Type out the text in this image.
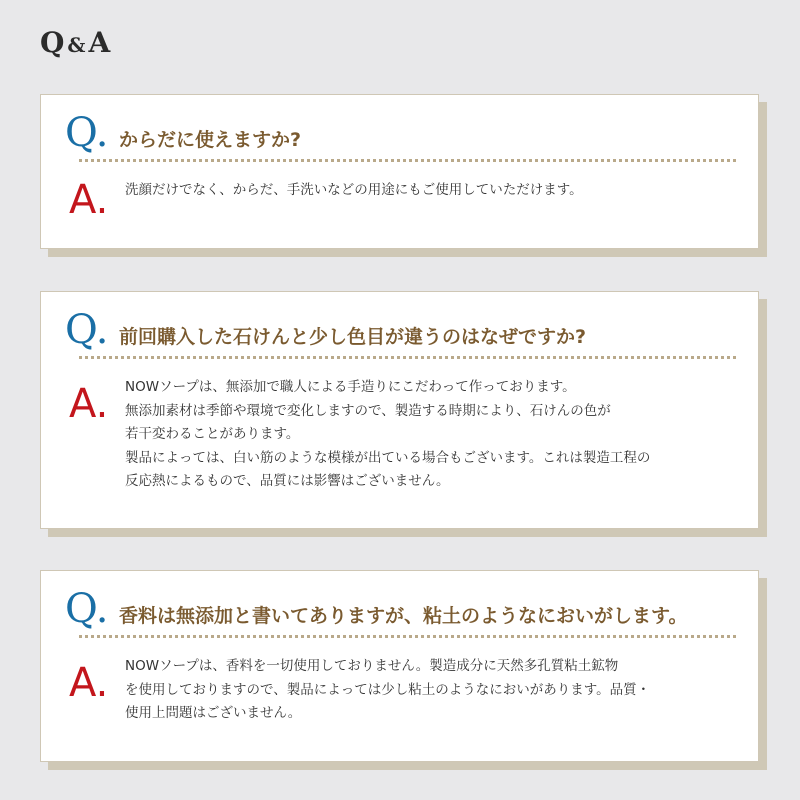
Q &A
Q. からだに使えますか?
A. 洗顔だけでなく、からだ、手洗いなどの用途にもご使用していただけます。
Q. 前回購入した石けんと少し色目が違うのはなぜですか?
A. NOWソープは、無添加で職人による手造りにこだわって作っております。
無添加素材は季節や環境で変化しますので、製造する時期により、石けんの色が
若干変わることがあります。
製品によっては、白い筋のような模様が出ている場合もございます。これは製造工程の
反応熱によるもので、品質には影響はございません。
Q. 香料は無添加と書いてありますが、粘土のようなにおいがします。
A. NOWソープは、香料を一切使用しておりません。製造成分に天然多孔質粘土鉱物
を使用しておりますので、製品によっては少し粘土のようなにおいがあります。品質・
使用上問題はございません。
